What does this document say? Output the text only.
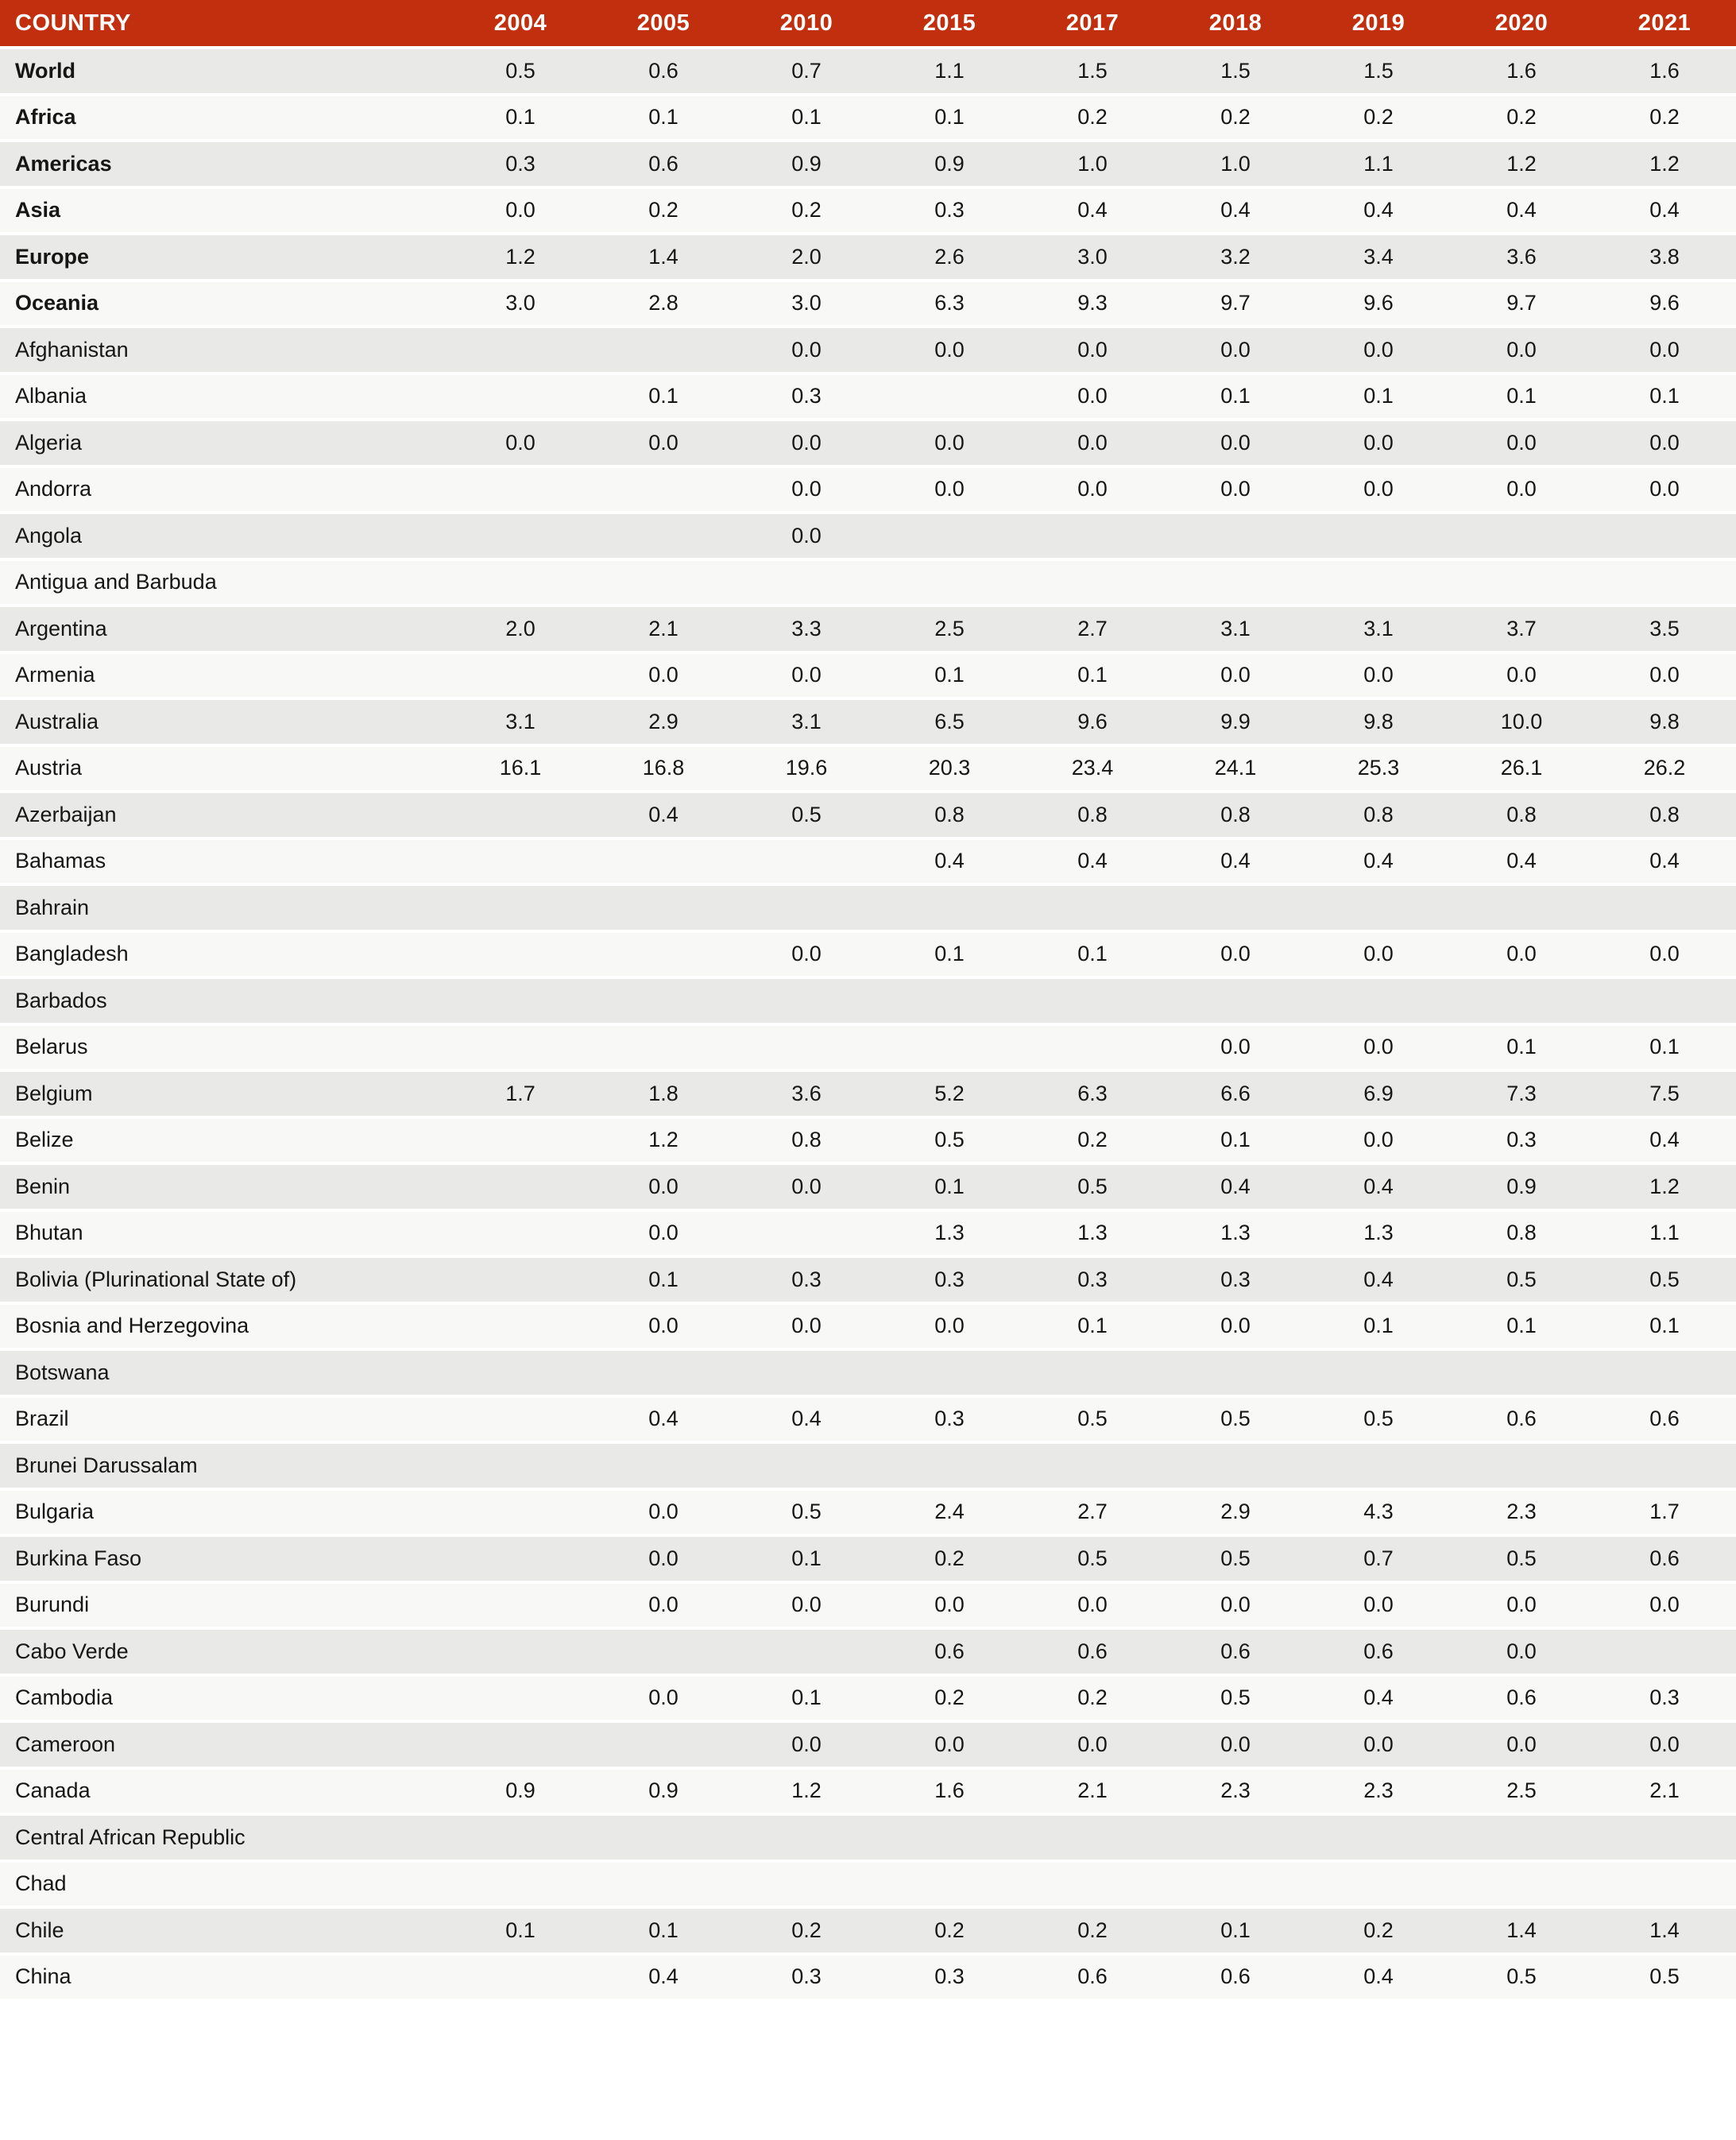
COUNTRY	2004	2005	2010	2015	2017	2018	2019	2020	2021
World	0.5	0.6	0.7	1.1	1.5	1.5	1.5	1.6	1.6
Africa	0.1	0.1	0.1	0.1	0.2	0.2	0.2	0.2	0.2
Americas	0.3	0.6	0.9	0.9	1.0	1.0	1.1	1.2	1.2
Asia	0.0	0.2	0.2	0.3	0.4	0.4	0.4	0.4	0.4
Europe	1.2	1.4	2.0	2.6	3.0	3.2	3.4	3.6	3.8
Oceania	3.0	2.8	3.0	6.3	9.3	9.7	9.6	9.7	9.6
Afghanistan			0.0	0.0	0.0	0.0	0.0	0.0	0.0
Albania		0.1	0.3		0.0	0.1	0.1	0.1	0.1
Algeria	0.0	0.0	0.0	0.0	0.0	0.0	0.0	0.0	0.0
Andorra			0.0	0.0	0.0	0.0	0.0	0.0	0.0
Angola			0.0						
Antigua and Barbuda									
Argentina	2.0	2.1	3.3	2.5	2.7	3.1	3.1	3.7	3.5
Armenia		0.0	0.0	0.1	0.1	0.0	0.0	0.0	0.0
Australia	3.1	2.9	3.1	6.5	9.6	9.9	9.8	10.0	9.8
Austria	16.1	16.8	19.6	20.3	23.4	24.1	25.3	26.1	26.2
Azerbaijan		0.4	0.5	0.8	0.8	0.8	0.8	0.8	0.8
Bahamas				0.4	0.4	0.4	0.4	0.4	0.4
Bahrain									
Bangladesh			0.0	0.1	0.1	0.0	0.0	0.0	0.0
Barbados									
Belarus						0.0	0.0	0.1	0.1
Belgium	1.7	1.8	3.6	5.2	6.3	6.6	6.9	7.3	7.5
Belize		1.2	0.8	0.5	0.2	0.1	0.0	0.3	0.4
Benin		0.0	0.0	0.1	0.5	0.4	0.4	0.9	1.2
Bhutan		0.0		1.3	1.3	1.3	1.3	0.8	1.1
Bolivia (Plurinational State of)		0.1	0.3	0.3	0.3	0.3	0.4	0.5	0.5
Bosnia and Herzegovina		0.0	0.0	0.0	0.1	0.0	0.1	0.1	0.1
Botswana									
Brazil		0.4	0.4	0.3	0.5	0.5	0.5	0.6	0.6
Brunei Darussalam									
Bulgaria		0.0	0.5	2.4	2.7	2.9	4.3	2.3	1.7
Burkina Faso		0.0	0.1	0.2	0.5	0.5	0.7	0.5	0.6
Burundi		0.0	0.0	0.0	0.0	0.0	0.0	0.0	0.0
Cabo Verde				0.6	0.6	0.6	0.6	0.0	
Cambodia		0.0	0.1	0.2	0.2	0.5	0.4	0.6	0.3
Cameroon			0.0	0.0	0.0	0.0	0.0	0.0	0.0
Canada	0.9	0.9	1.2	1.6	2.1	2.3	2.3	2.5	2.1
Central African Republic									
Chad									
Chile	0.1	0.1	0.2	0.2	0.2	0.1	0.2	1.4	1.4
China		0.4	0.3	0.3	0.6	0.6	0.4	0.5	0.5
